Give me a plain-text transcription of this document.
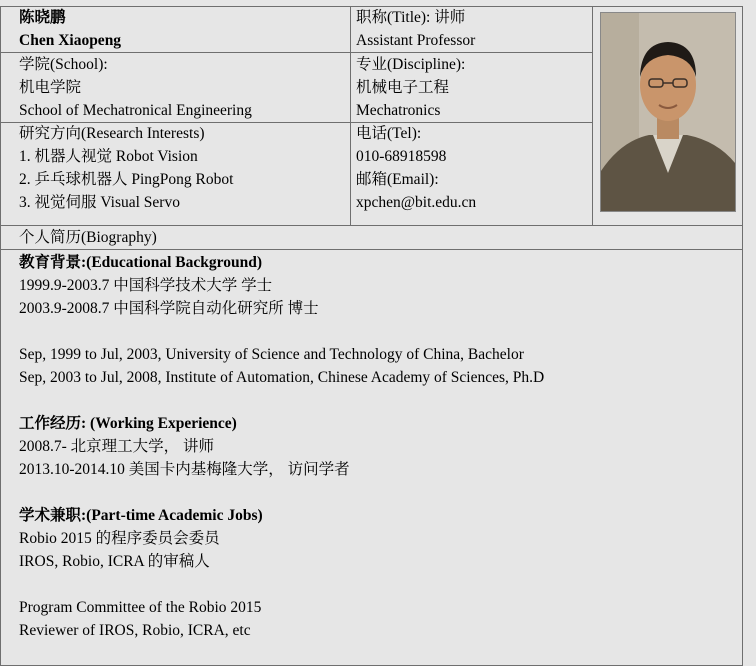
陈晓鹏
Chen Xiaopeng
职称(Title): 讲师
Assistant Professor
学院(School):
机电学院
School of Mechatronical Engineering
专业(Discipline):
机械电子工程
Mechatronics
研究方向(Research Interests)
1. 机器人视觉 Robot Vision
2. 乒乓球机器人 PingPong Robot
3. 视觉伺服 Visual Servo
电话(Tel):
010-68918598
邮箱(Email):
xpchen@bit.edu.cn
个人简历(Biography)
教育背景:(Educational Background)
1999.9-2003.7 中国科学技术大学 学士
2003.9-2008.7 中国科学院自动化研究所 博士
Sep, 1999 to Jul, 2003, University of Science and Technology of China, Bachelor
Sep, 2003 to Jul, 2008, Institute of Automation, Chinese Academy of Sciences, Ph.D
工作经历: (Working Experience)
2008.7- 北京理工大学， 讲师
2013.10-2014.10 美国卡内基梅隆大学， 访问学者
学术兼职:(Part-time Academic Jobs)
Robio 2015 的程序委员会委员
IROS, Robio, ICRA 的审稿人
Program Committee of the Robio 2015
Reviewer of IROS, Robio, ICRA, etc
